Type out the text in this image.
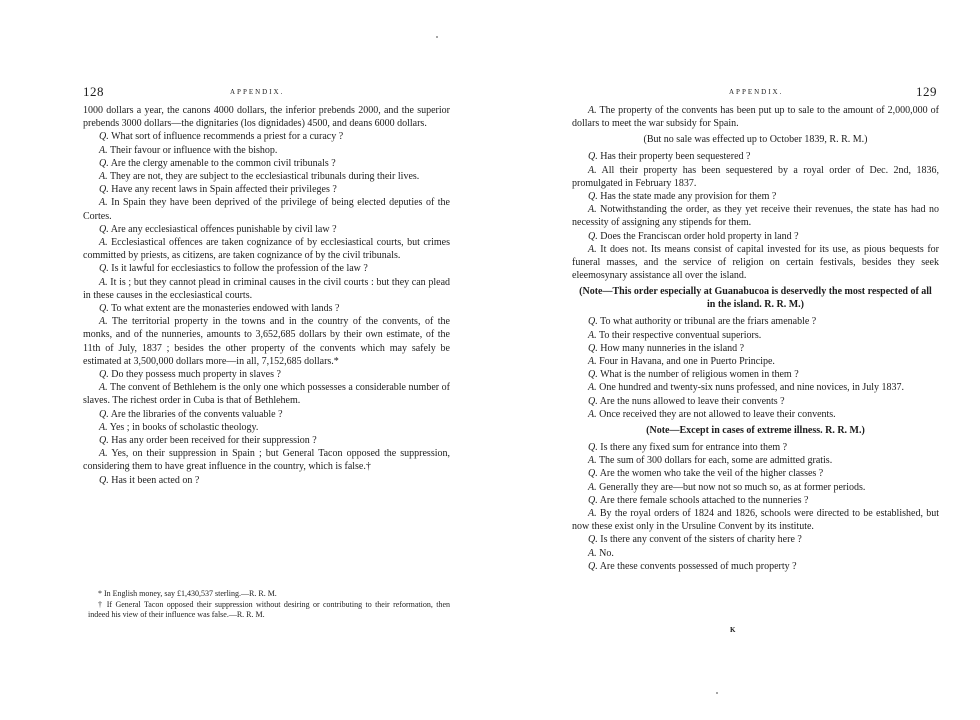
128	APPENDIX.

1000 dollars a year, the canons 4000 dollars, the inferior prebends 2000, and the superior prebends 3000 dollars—the dignitaries (los dignidades) 4500, and deans 6000 dollars.

Q. What sort of influence recommends a priest for a curacy ?

A. Their favour or influence with the bishop.

Q. Are the clergy amenable to the common civil tribunals ?

A. They are not, they are subject to the ecclesiastical tribunals during their lives.

Q. Have any recent laws in Spain affected their privileges ?

A. In Spain they have been deprived of the privilege of being elected deputies of the Cortes.

Q. Are any ecclesiastical offences punishable by civil law ?

A. Ecclesiastical offences are taken cognizance of by ecclesiastical courts, but crimes committed by priests, as citizens, are taken cognizance of by the civil tribunals.

Q. Is it lawful for ecclesiastics to follow the profession of the law ?

A. It is ; but they cannot plead in criminal causes in the civil courts : but they can plead in these causes in the ecclesiastical courts.

Q. To what extent are the monasteries endowed with lands ?

A. The territorial property in the towns and in the country of the convents, of the monks, and of the nunneries, amounts to 3,652,685 dollars by their own estimate, of the 11th of July, 1837 ; besides the other property of the convents which may safely be estimated at 3,500,000 dollars more—in all, 7,152,685 dollars.*

Q. Do they possess much property in slaves ?

A. The convent of Bethlehem is the only one which possesses a considerable number of slaves. The richest order in Cuba is that of Bethlehem.

Q. Are the libraries of the convents valuable ?

A. Yes ; in books of scholastic theology.

Q. Has any order been received for their suppression ?

A. Yes, on their suppression in Spain ; but General Tacon opposed the suppression, considering them to have great influence in the country, which is false.†

Q. Has it been acted on ?

* In English money, say £1,430,537 sterling.—R. R. M.

† If General Tacon opposed their suppression without desiring or contributing to their reformation, then indeed his view of their influence was false.—R. R. M.

129
APPENDIX.

A. The property of the convents has been put up to sale to the amount of 2,000,000 of dollars to meet the war subsidy for Spain.

(But no sale was effected up to October 1839, R. R. M.)

Q. Has their property been sequestered ?

A. All their property has been sequestered by a royal order of Dec. 2nd, 1836, promulgated in February 1837.

Q. Has the state made any provision for them ?

A. Notwithstanding the order, as they yet receive their revenues, the state has had no necessity of assigning any stipends for them.

Q. Does the Franciscan order hold property in land ?

A. It does not. Its means consist of capital invested for its use, as pious bequests for funeral masses, and the service of religion on certain festivals, besides they seek eleemosynary assistance all over the island.

(Note—This order especially at Guanabucoa is deservedly the most respected of all in the island. R. R. M.)

Q. To what authority or tribunal are the friars amenable ?

A. To their respective conventual superiors.

Q. How many nunneries in the island ?

A. Four in Havana, and one in Puerto Principe.

Q. What is the number of religious women in them ?

A. One hundred and twenty-six nuns professed, and nine novices, in July 1837.

Q. Are the nuns allowed to leave their convents ?

A. Once received they are not allowed to leave their convents.

(Note—Except in cases of extreme illness. R. R. M.)

Q. Is there any fixed sum for entrance into them ?

A. The sum of 300 dollars for each, some are admitted gratis.

Q. Are the women who take the veil of the higher classes ?

A. Generally they are—but now not so much so, as at former periods.

Q. Are there female schools attached to the nunneries ?

A. By the royal orders of 1824 and 1826, schools were directed to be established, but now these exist only in the Ursuline Convent by its institute.

Q. Is there any convent of the sisters of charity here ?

A. No.

Q. Are these convents possessed of much property ?

K
